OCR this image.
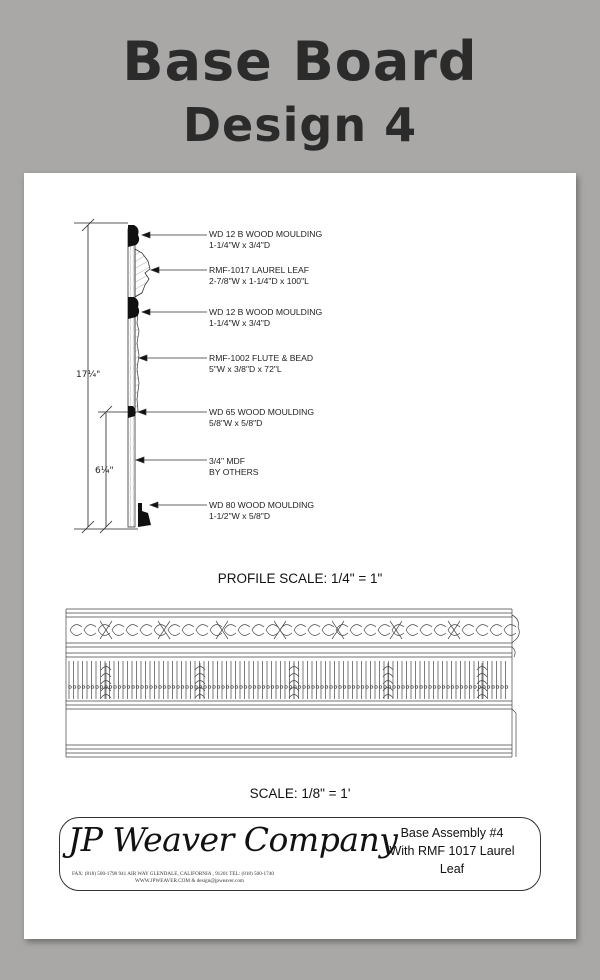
Base Board
Design 4
17¼"
6¼"
WD 12 B WOOD MOULDING
1-1/4"W x 3/4"D
RMF-1017 LAUREL LEAF
2-7/8"W x 1-1/4"D x 100"L
WD 12 B WOOD MOULDING
1-1/4"W x 3/4"D
RMF-1002 FLUTE & BEAD
5"W x 3/8"D x 72"L
WD 65 WOOD MOULDING
5/8"W x 5/8"D
3/4" MDF
BY OTHERS
WD 80 WOOD MOULDING
1-1/2"W x 5/8"D
PROFILE SCALE: 1/4" = 1"
SCALE: 1/8" = 1'
JP Weaver Company
FAX: (818) 500-1798 941 AIR WAY GLENDALE, CALIFORNIA , 91201 TEL: (818) 500-1740
WWW.JPWEAVER.COM & design@jpweaver.com
Base Assembly #4
With RMF 1017 Laurel
Leaf
